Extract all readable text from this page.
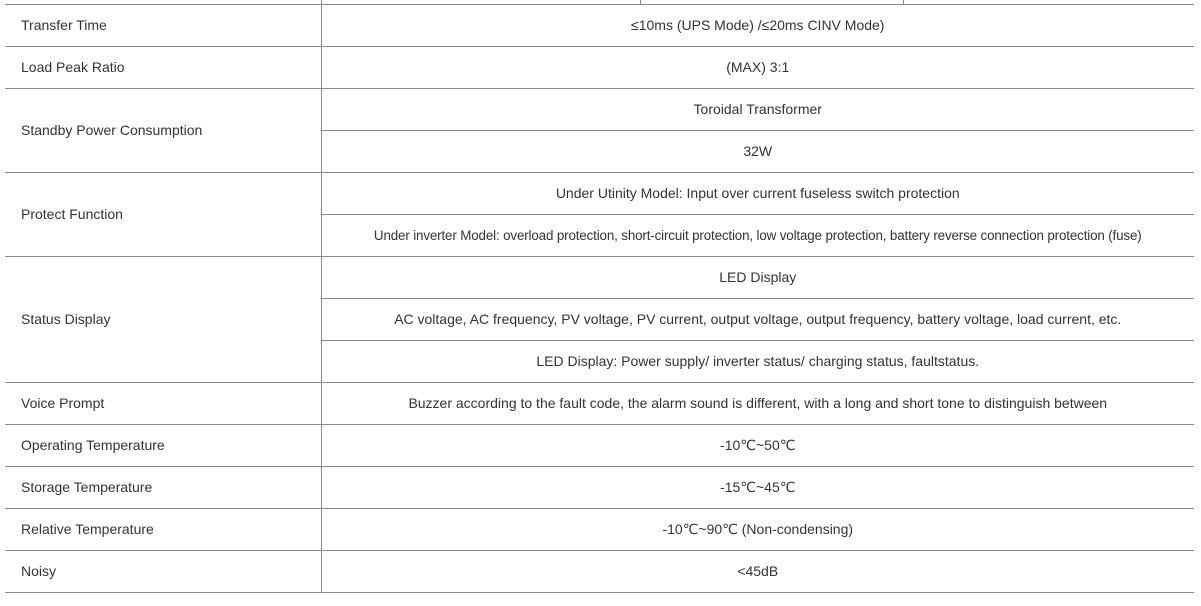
Transfer Time	≤10ms (UPS Mode) /≤20ms CINV Mode)
Load Peak Ratio	(MAX) 3:1
Standby Power Consumption	Toroidal Transformer
	32W
Protect Function	Under Utinity Model: Input over current fuseless switch protection
	Under inverter Model: overload protection, short-circuit protection, low voltage protection, battery reverse connection protection (fuse)
Status Display	LED Display
	AC voltage, AC frequency, PV voltage, PV current, output voltage, output frequency, battery voltage, load current, etc.
	LED Display: Power supply/ inverter status/ charging status, faultstatus.
Voice Prompt	Buzzer according to the fault code, the alarm sound is different, with a long and short tone to distinguish between
Operating Temperature	-10℃~50℃
Storage Temperature	-15℃~45℃
Relative Temperature	-10℃~90℃ (Non-condensing)
Noisy	<45dB
